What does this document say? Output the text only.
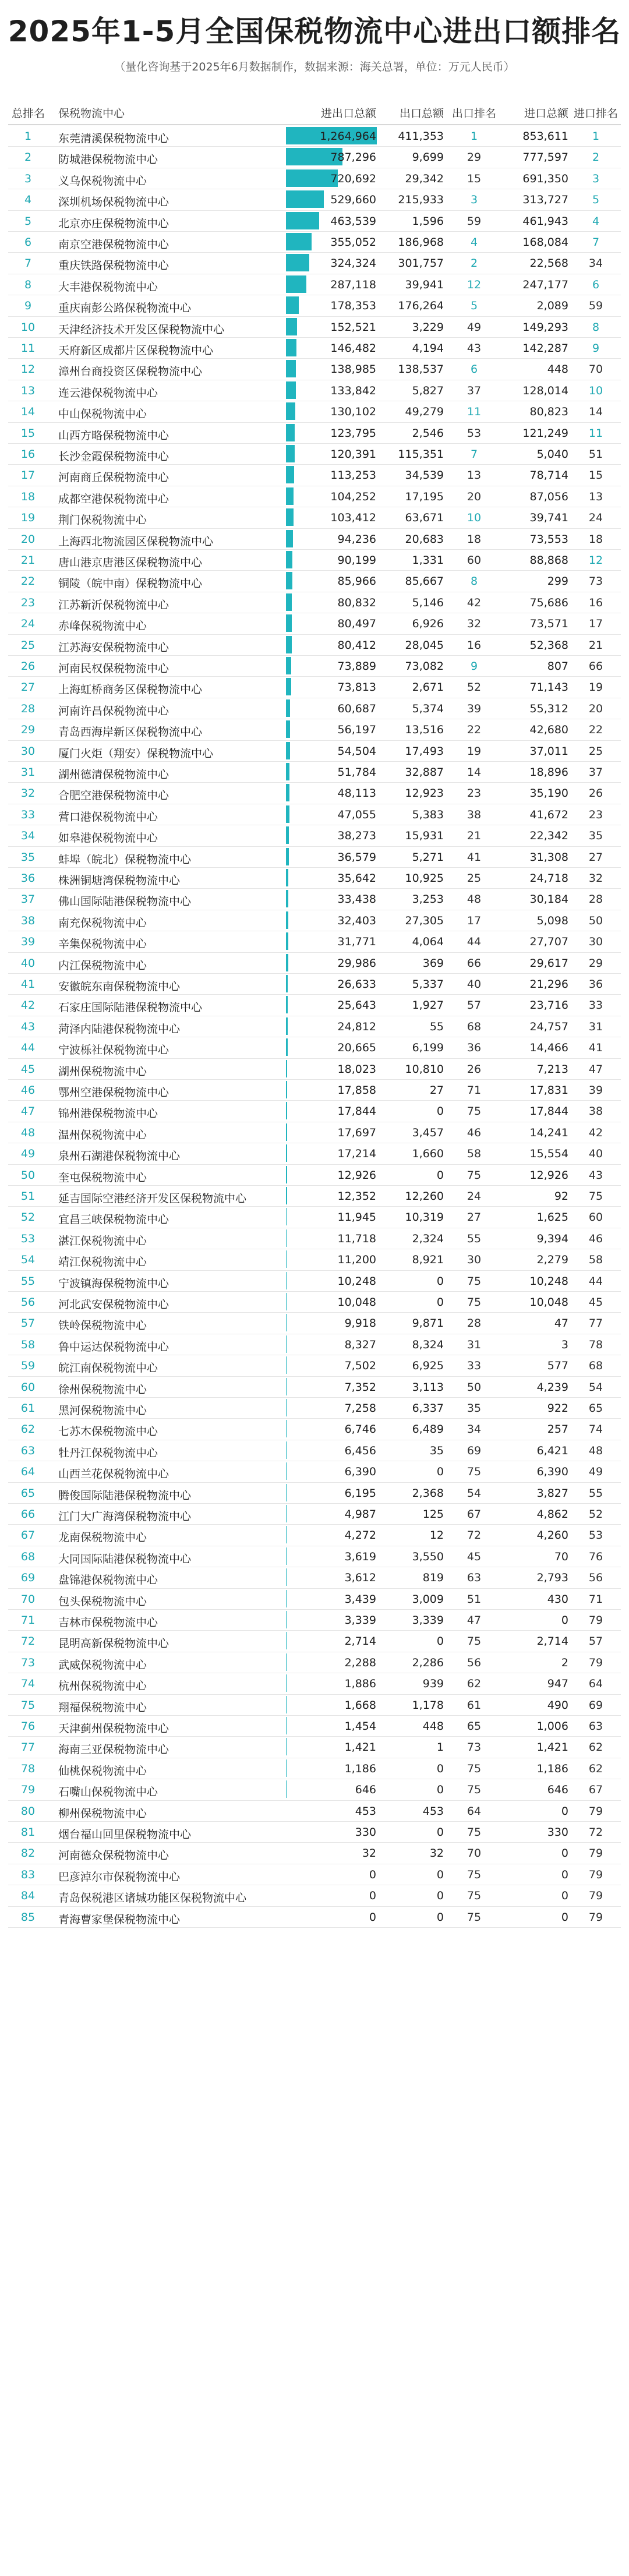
2025年1-5月全国保税物流中心进出口额排名
（量化咨询基于2025年6月数据制作，数据来源：海关总署，单位：万元人民币）
总排名 保税物流中心	进出口总额	出口总额 出口排名	进口总额 进口排名
1	东莞清溪保税物流中心	1,264,964	411,353	1	853,611	1
2	防城港保税物流中心	787,296	9,699	29	777,597	2
3	义乌保税物流中心	720,692	29,342	15	691,350	3
4	深圳机场保税物流中心	529,660	215,933	3	313,727	5
5	北京亦庄保税物流中心	463,539	1,596	59	461,943	4
6	南京空港保税物流中心	355,052	186,968	4	168,084	7
7	重庆铁路保税物流中心	324,324	301,757	2	22,568	34
8	大丰港保税物流中心	287,118	39,941	12	247,177	6
9	重庆南彭公路保税物流中心	178,353	176,264	5	2,089	59
10	天津经济技术开发区保税物流中心	152,521	3,229	49	149,293	8
11	天府新区成都片区保税物流中心	146,482	4,194	43	142,287	9
12	漳州台商投资区保税物流中心	138,985	138,537	6	448	70
13	连云港保税物流中心	133,842	5,827	37	128,014	10
14	中山保税物流中心	130,102	49,279	11	80,823	14
15	山西方略保税物流中心	123,795	2,546	53	121,249	11
16	长沙金霞保税物流中心	120,391	115,351	7	5,040	51
17	河南商丘保税物流中心	113,253	34,539	13	78,714	15
18	成都空港保税物流中心	104,252	17,195	20	87,056	13
19	荆门保税物流中心	103,412	63,671	10	39,741	24
20	上海西北物流园区保税物流中心	94,236	20,683	18	73,553	18
21	唐山港京唐港区保税物流中心	90,199	1,331	60	88,868	12
22	铜陵（皖中南）保税物流中心	85,966	85,667	8	299	73
23	江苏新沂保税物流中心	80,832	5,146	42	75,686	16
24	赤峰保税物流中心	80,497	6,926	32	73,571	17
25	江苏海安保税物流中心	80,412	28,045	16	52,368	21
26	河南民权保税物流中心	73,889	73,082	9	807	66
27	上海虹桥商务区保税物流中心	73,813	2,671	52	71,143	19
28	河南许昌保税物流中心	60,687	5,374	39	55,312	20
29	青岛西海岸新区保税物流中心	56,197	13,516	22	42,680	22
30	厦门火炬（翔安）保税物流中心	54,504	17,493	19	37,011	25
31	湖州德清保税物流中心	51,784	32,887	14	18,896	37
32	合肥空港保税物流中心	48,113	12,923	23	35,190	26
33	营口港保税物流中心	47,055	5,383	38	41,672	23
34	如皋港保税物流中心	38,273	15,931	21	22,342	35
35	蚌埠（皖北）保税物流中心	36,579	5,271	41	31,308	27
36	株洲铜塘湾保税物流中心	35,642	10,925	25	24,718	32
37	佛山国际陆港保税物流中心	33,438	3,253	48	30,184	28
38	南充保税物流中心	32,403	27,305	17	5,098	50
39	辛集保税物流中心	31,771	4,064	44	27,707	30
40	内江保税物流中心	29,986	369	66	29,617	29
41	安徽皖东南保税物流中心	26,633	5,337	40	21,296	36
42	石家庄国际陆港保税物流中心	25,643	1,927	57	23,716	33
43	菏泽内陆港保税物流中心	24,812	55	68	24,757	31
44	宁波栎社保税物流中心	20,665	6,199	36	14,466	41
45	湖州保税物流中心	18,023	10,810	26	7,213	47
46	鄂州空港保税物流中心	17,858	27	71	17,831	39
47	锦州港保税物流中心	17,844	0	75	17,844	38
48	温州保税物流中心	17,697	3,457	46	14,241	42
49	泉州石湖港保税物流中心	17,214	1,660	58	15,554	40
50	奎屯保税物流中心	12,926	0	75	12,926	43
51	延吉国际空港经济开发区保税物流中心	12,352	12,260	24	92	75
52	宜昌三峡保税物流中心	11,945	10,319	27	1,625	60
53	湛江保税物流中心	11,718	2,324	55	9,394	46
54	靖江保税物流中心	11,200	8,921	30	2,279	58
55	宁波镇海保税物流中心	10,248	0	75	10,248	44
56	河北武安保税物流中心	10,048	0	75	10,048	45
57	铁岭保税物流中心	9,918	9,871	28	47	77
58	鲁中运达保税物流中心	8,327	8,324	31	3	78
59	皖江南保税物流中心	7,502	6,925	33	577	68
60	徐州保税物流中心	7,352	3,113	50	4,239	54
61	黑河保税物流中心	7,258	6,337	35	922	65
62	七苏木保税物流中心	6,746	6,489	34	257	74
63	牡丹江保税物流中心	6,456	35	69	6,421	48
64	山西兰花保税物流中心	6,390	0	75	6,390	49
65	腾俊国际陆港保税物流中心	6,195	2,368	54	3,827	55
66	江门大广海湾保税物流中心	4,987	125	67	4,862	52
67	龙南保税物流中心	4,272	12	72	4,260	53
68	大同国际陆港保税物流中心	3,619	3,550	45	70	76
69	盘锦港保税物流中心	3,612	819	63	2,793	56
70	包头保税物流中心	3,439	3,009	51	430	71
71	吉林市保税物流中心	3,339	3,339	47	0	79
72	昆明高新保税物流中心	2,714	0	75	2,714	57
73	武威保税物流中心	2,288	2,286	56	2	79
74	杭州保税物流中心	1,886	939	62	947	64
75	翔福保税物流中心	1,668	1,178	61	490	69
76	天津蓟州保税物流中心	1,454	448	65	1,006	63
77	海南三亚保税物流中心	1,421	1	73	1,421	62
78	仙桃保税物流中心	1,186	0	75	1,186	62
79	石嘴山保税物流中心	646	0	75	646	67
80	柳州保税物流中心	453	453	64	0	79
81	烟台福山回里保税物流中心	330	0	75	330	72
82	河南德众保税物流中心	32	32	70	0	79
83	巴彦淖尔市保税物流中心	0	0	75	0	79
84	青岛保税港区诸城功能区保税物流中心	0	0	75	0	79
85	青海曹家堡保税物流中心	0	0	75	0	79
